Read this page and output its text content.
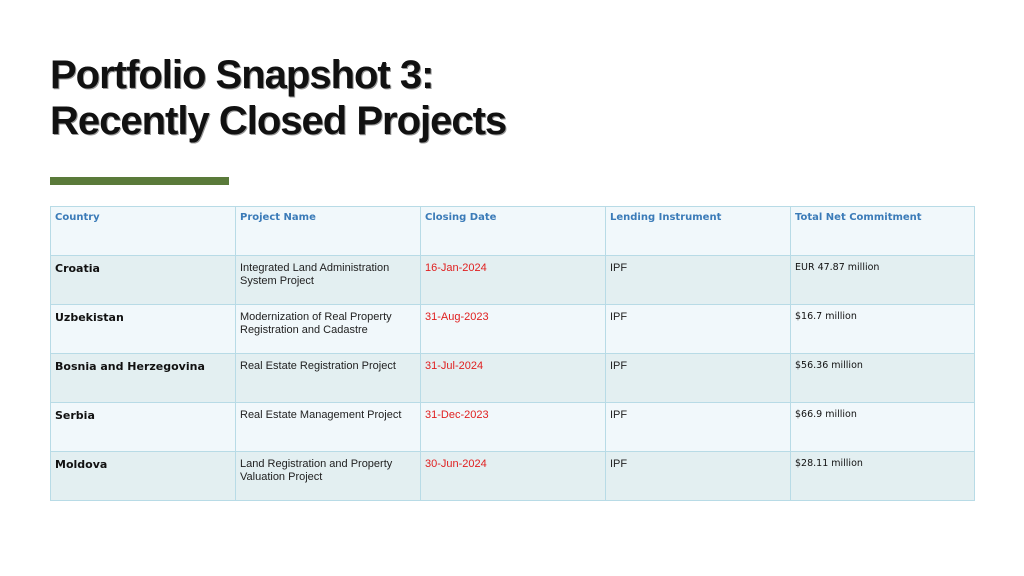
Portfolio Snapshot 3:
Recently Closed Projects
Country	Project Name	Closing Date	Lending Instrument	Total Net Commitment
Croatia	Integrated Land Administration System Project	16-Jan-2024	IPF	EUR 47.87 million
Uzbekistan	Modernization of Real Property Registration and Cadastre	31-Aug-2023	IPF	$16.7 million
Bosnia and Herzegovina	Real Estate Registration Project	31-Jul-2024	IPF	$56.36 million
Serbia	Real Estate Management Project	31-Dec-2023	IPF	$66.9 million
Moldova	Land Registration and Property Valuation Project	30-Jun-2024	IPF	$28.11 million
